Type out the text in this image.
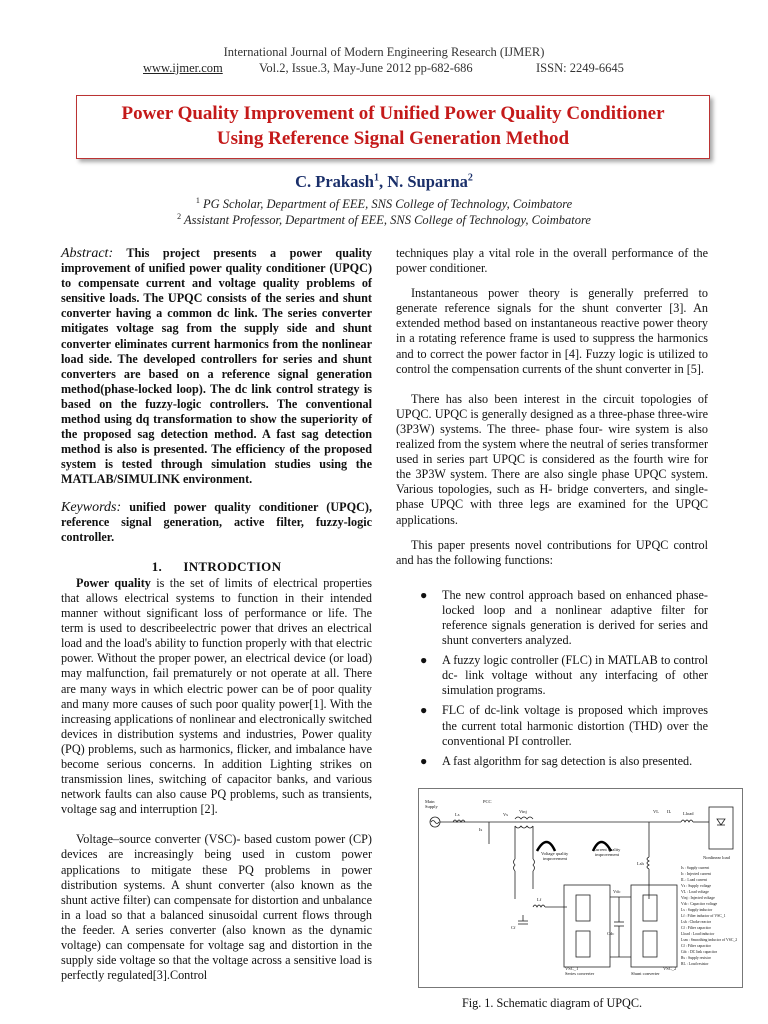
International Journal of Modern Engineering Research (IJMER)
www.ijmer.com	Vol.2, Issue.3, May-June 2012 pp-682-686	ISSN: 2249-6645
Power Quality Improvement of Unified Power Quality Conditioner
Using Reference Signal Generation Method
C. Prakash$^1$, N. Suparna$^2$
$^1$ PG Scholar, Department of EEE, SNS College of Technology, Coimbatore
$^2$ Assistant Professor, Department of EEE, SNS College of Technology, Coimbatore

Abstract: This project presents a power quality improvement of unified power quality conditioner (UPQC) to compensate current and voltage quality problems of sensitive loads. The UPQC consists of the series and shunt converter having a common dc link. The series converter mitigates voltage sag from the supply side and shunt converter eliminates current harmonics from the nonlinear load side. The developed controllers for series and shunt converters are based on a reference signal generation method(phase-locked loop). The dc link control strategy is based on the fuzzy-logic controllers. The conventional method using dq transformation to show the superiority of the proposed sag detection method. A fast sag detection method is also is presented. The efficiency of the proposed system is tested through simulation studies using the MATLAB/SIMULINK environment.

Keywords: unified power quality conditioner (UPQC), reference signal generation, active filter, fuzzy-logic controller.

1.      INTRODCTION

Power quality is the set of limits of electrical properties that allows electrical systems to function in their intended manner without significant loss of performance or life. The term is used to describeelectric power that drives an electrical load and the load's ability to function properly with that electric power. Without the proper power, an electrical device (or load) may malfunction, fail prematurely or not operate at all. There are many ways in which electric power can be of poor quality and many more causes of such poor quality power[1]. With the increasing applications of nonlinear and electronically switched devices in distribution systems and industries, Power quality (PQ) problems, such as harmonics, flicker, and imbalance have become serious concerns. In addition Lighting strikes on transmission lines, switching of capacitor banks, and various network faults can also cause PQ problems, such as transients, voltage sag and interruption [2].

Voltage–source converter (VSC)- based custom power (CP) devices are increasingly being used in custom power applications to mitigate these PQ problems in power distribution systems. A shunt converter (also known as the shunt active filter) can compensate for distortion and unbalance in a load so that a balanced sinusoidal current flows through the feeder. A series converter (also known as the dynamic voltage) can compensate for voltage sag and distortion in the supply side voltage so that the voltage across a sensitive load is perfectly regulated[3].Control

techniques play a vital role in the overall performance of the power conditioner.

Instantaneous power theory is generally preferred to generate reference signals for the shunt converter [3]. An extended method based on instantaneous reactive power theory in a rotating reference frame is used to suppress the harmonics and to correct the power factor in [4]. Fuzzy logic is utilized to control the compensation currents of the shunt converter in [5].

There has also been interest in the circuit topologies of UPQC. UPQC is generally designed as a three-phase three-wire (3P3W) systems. The three- phase four- wire system is also realized from the system where the neutral of series transformer used in series part UPQC is considered as the fourth wire for the 3P3W system. There are also single phase UPQC system. Various topologies, such as H- bridge converters, and single-phase UPQC with three legs are examined for the UPQC applications.

This paper presents novel contributions for UPQC control and has the following functions:

● The new control approach based on enhanced phase-locked loop and a nonlinear adaptive filter for reference signals generation is derived for series and shunt converters analyzed.
● A fuzzy logic controller (FLC) in MATLAB to control dc- link voltage without any interfacing of other simulation programs.
● FLC of dc-link voltage is proposed which improves the current total harmonic distortion (THD) over the conventional PI controller.
● A fast algorithm for sag detection is also presented.
Main
Supply
PCC
Vs
Ls
Is
Vinj	IL
VL	Lload
Voltage quality
improvement
Current quality
improvement
Nonlinear load
Series converter	Shunt converter
VSC_1	VSC_2
Vdc
Cdc
Lf
Cf
Lsh
Is : Supply current
Ic : Injected current
IL : Load current
Vs : Supply voltage
VL : Load voltage
Vinj : Injected voltage
Vdc : Capacitor voltage
Ls : Supply inductor
Lf : Filter inductor of VSC_1
Lsh : Choke reactor
Cf : Filter capacitor
Lload : Load inductor
Lsm : Smoothing inductor of VSC_2
Cf : Filter capacitor
Cdc : DC link capacitor
Rs : Supply resistor
RL : Load resistor
Fig. 1. Schematic diagram of UPQC.
